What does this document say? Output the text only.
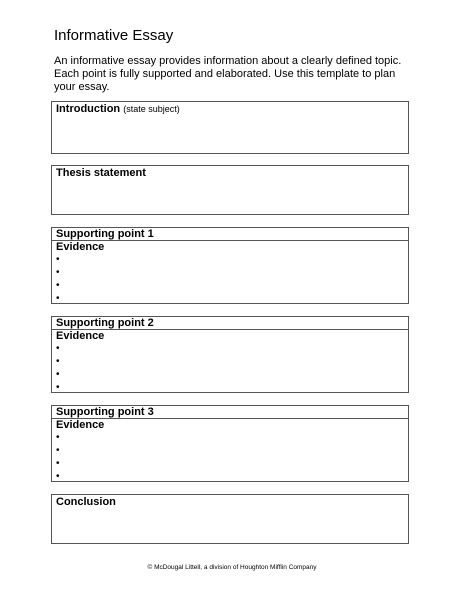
Informative Essay
An informative essay provides information about a clearly defined topic. Each point is fully supported and elaborated. Use this template to plan your essay.
Introduction (state subject)
Thesis statement
Supporting point 1
Evidence
•
•
•
•
Supporting point 2
Evidence
•
•
•
•
Supporting point 3
Evidence
•
•
•
•
Conclusion
© McDougal Littell, a division of Houghton Mifflin Company
